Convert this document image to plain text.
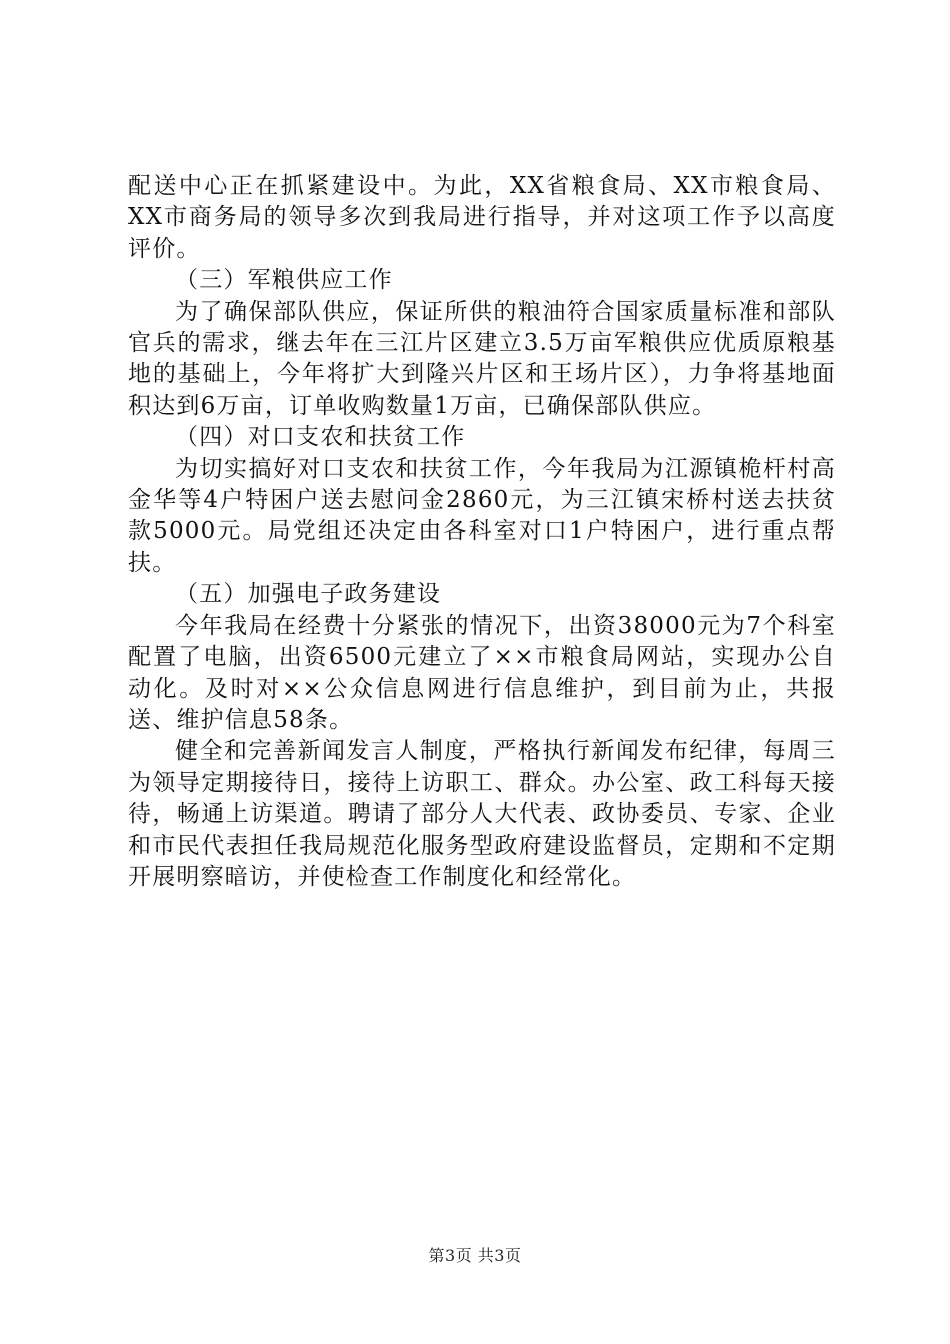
配送中心正在抓紧建设中。为此，XX省粮食局、XX市粮食局、XX市商务局的领导多次到我局进行指导，并对这项工作予以高度评价。

（三）军粮供应工作

为了确保部队供应，保证所供的粮油符合国家质量标准和部队官兵的需求，继去年在三江片区建立3.5万亩军粮供应优质原粮基地的基础上，今年将扩大到隆兴片区和王场片区），力争将基地面积达到6万亩，订单收购数量1万亩，已确保部队供应。

（四）对口支农和扶贫工作

为切实搞好对口支农和扶贫工作，今年我局为江源镇桅杆村高金华等4户特困户送去慰问金2860元，为三江镇宋桥村送去扶贫款5000元。局党组还决定由各科室对口1户特困户，进行重点帮扶。

（五）加强电子政务建设

今年我局在经费十分紧张的情况下，出资38000元为7个科室配置了电脑，出资6500元建立了××市粮食局网站，实现办公自动化。及时对××公众信息网进行信息维护，到目前为止，共报送、维护信息58条。

健全和完善新闻发言人制度，严格执行新闻发布纪律，每周三为领导定期接待日，接待上访职工、群众。办公室、政工科每天接待，畅通上访渠道。聘请了部分人大代表、政协委员、专家、企业和市民代表担任我局规范化服务型政府建设监督员，定期和不定期开展明察暗访，并使检查工作制度化和经常化。

第3页 共3页
